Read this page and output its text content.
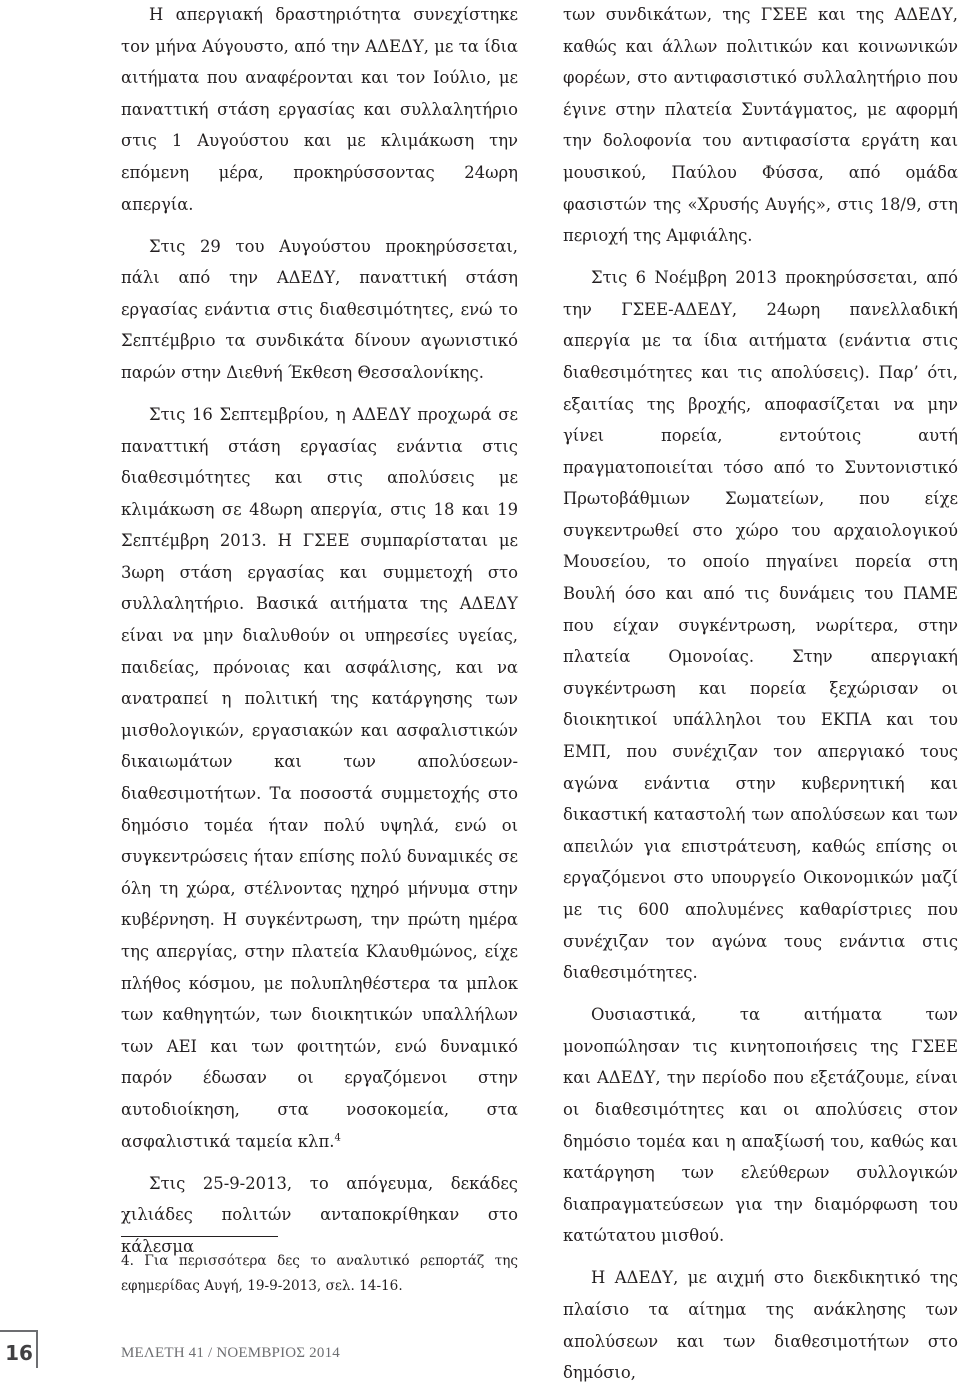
Η απεργιακή δραστηριότητα συνεχίστηκε τον μήνα Αύγουστο, από την ΑΔΕΔΥ, με τα ίδια αιτήματα που αναφέρονται και τον Ιούλιο, με παναττική στάση εργασίας και συλλαλητήριο στις 1 Αυγούστου και με κλιμάκωση την επόμενη μέρα, προκηρύσσοντας 24ωρη απεργία.

Στις 29 του Αυγούστου προκηρύσσεται, πάλι από την ΑΔΕΔΥ, παναττική στάση εργασίας ενάντια στις διαθεσιμότητες, ενώ το Σεπτέμβριο τα συνδικάτα δίνουν αγωνιστικό παρών στην Διεθνή Έκθεση Θεσσαλονίκης.

Στις 16 Σεπτεμβρίου, η ΑΔΕΔΥ προχωρά σε παναττική στάση εργασίας ενάντια στις διαθεσιμότητες και στις απολύσεις με κλιμάκωση σε 48ωρη απεργία, στις 18 και 19 Σεπτέμβρη 2013. Η ΓΣΕΕ συμπαρίσταται με 3ωρη στάση εργασίας και συμμετοχή στο συλλαλητήριο. Βασικά αιτήματα της ΑΔΕΔΥ είναι να μην διαλυθούν οι υπηρεσίες υγείας, παιδείας, πρόνοιας και ασφάλισης, και να ανατραπεί η πολιτική της κατάργησης των μισθολογικών, εργασιακών και ασφαλιστικών δικαιωμάτων και των απολύσεων-διαθεσιμοτήτων. Τα ποσοστά συμμετοχής στο δημόσιο τομέα ήταν πολύ υψηλά, ενώ οι συγκεντρώσεις ήταν επίσης πολύ δυναμικές σε όλη τη χώρα, στέλνοντας ηχηρό μήνυμα στην κυβέρνηση. Η συγκέντρωση, την πρώτη ημέρα της απεργίας, στην πλατεία Κλαυθμώνος, είχε πλήθος κόσμου, με πολυπληθέστερα τα μπλοκ των καθηγητών, των διοικητικών υπαλλήλων των ΑΕΙ και των φοιτητών, ενώ δυναμικό παρόν έδωσαν οι εργαζόμενοι στην αυτοδιοίκηση, στα νοσοκομεία, στα ασφαλιστικά ταμεία κλπ.$^4$

Στις 25-9-2013, το απόγευμα, δεκάδες χιλιάδες πολιτών ανταποκρίθηκαν στο κάλεσμα

4. Για περισσότερα δες το αναλυτικό ρεπορτάζ της εφημερίδας Αυγή, 19-9-2013, σελ. 14-16.

των συνδικάτων, της ΓΣΕΕ και της ΑΔΕΔΥ, καθώς και άλλων πολιτικών και κοινωνικών φορέων, στο αντιφασιστικό συλλαλητήριο που έγινε στην πλατεία Συντάγματος, με αφορμή την δολοφονία του αντιφασίστα εργάτη και μουσικού, Παύλου Φύσσα, από ομάδα φασιστών της «Χρυσής Αυγής», στις 18/9, στη περιοχή της Αμφιάλης.

Στις 6 Νοέμβρη 2013 προκηρύσσεται, από την ΓΣΕΕ-ΑΔΕΔΥ, 24ωρη πανελλαδική απεργία με τα ίδια αιτήματα (ενάντια στις διαθεσιμότητες και τις απολύσεις). Παρ’ ότι, εξαιτίας της βροχής, αποφασίζεται να μην γίνει πορεία, εντούτοις αυτή πραγματοποιείται τόσο από το Συντονιστικό Πρωτοβάθμιων Σωματείων, που είχε συγκεντρωθεί στο χώρο του αρχαιολογικού Μουσείου, το οποίο πηγαίνει πορεία στη Βουλή όσο και από τις δυνάμεις του ΠΑΜΕ που είχαν συγκέντρωση, νωρίτερα, στην πλατεία Ομονοίας. Στην απεργιακή συγκέντρωση και πορεία ξεχώρισαν οι διοικητικοί υπάλληλοι του ΕΚΠΑ και του ΕΜΠ, που συνέχιζαν τον απεργιακό τους αγώνα ενάντια στην κυβερνητική και δικαστική καταστολή των απολύσεων και των απειλών για επιστράτευση, καθώς επίσης οι εργαζόμενοι στο υπουργείο Οικονομικών μαζί με τις 600 απολυμένες καθαρίστριες που συνέχιζαν τον αγώνα τους ενάντια στις διαθεσιμότητες.

Ουσιαστικά, τα αιτήματα των μονοπώλησαν τις κινητοποιήσεις της ΓΣΕΕ και ΑΔΕΔΥ, την περίοδο που εξετάζουμε, είναι οι διαθεσιμότητες και οι απολύσεις στον δημόσιο τομέα και η απαξίωσή του, καθώς και κατάργηση των ελεύθερων συλλογικών διαπραγματεύσεων για την διαμόρφωση του κατώτατου μισθού.

Η ΑΔΕΔΥ, με αιχμή στο διεκδικητικό της πλαίσιο τα αίτημα της ανάκλησης των απολύσεων και των διαθεσιμοτήτων στο δημόσιο,

16	ΜΕΛΕΤΗ 41 / ΝΟΕΜΒΡΙΟΣ 2014
